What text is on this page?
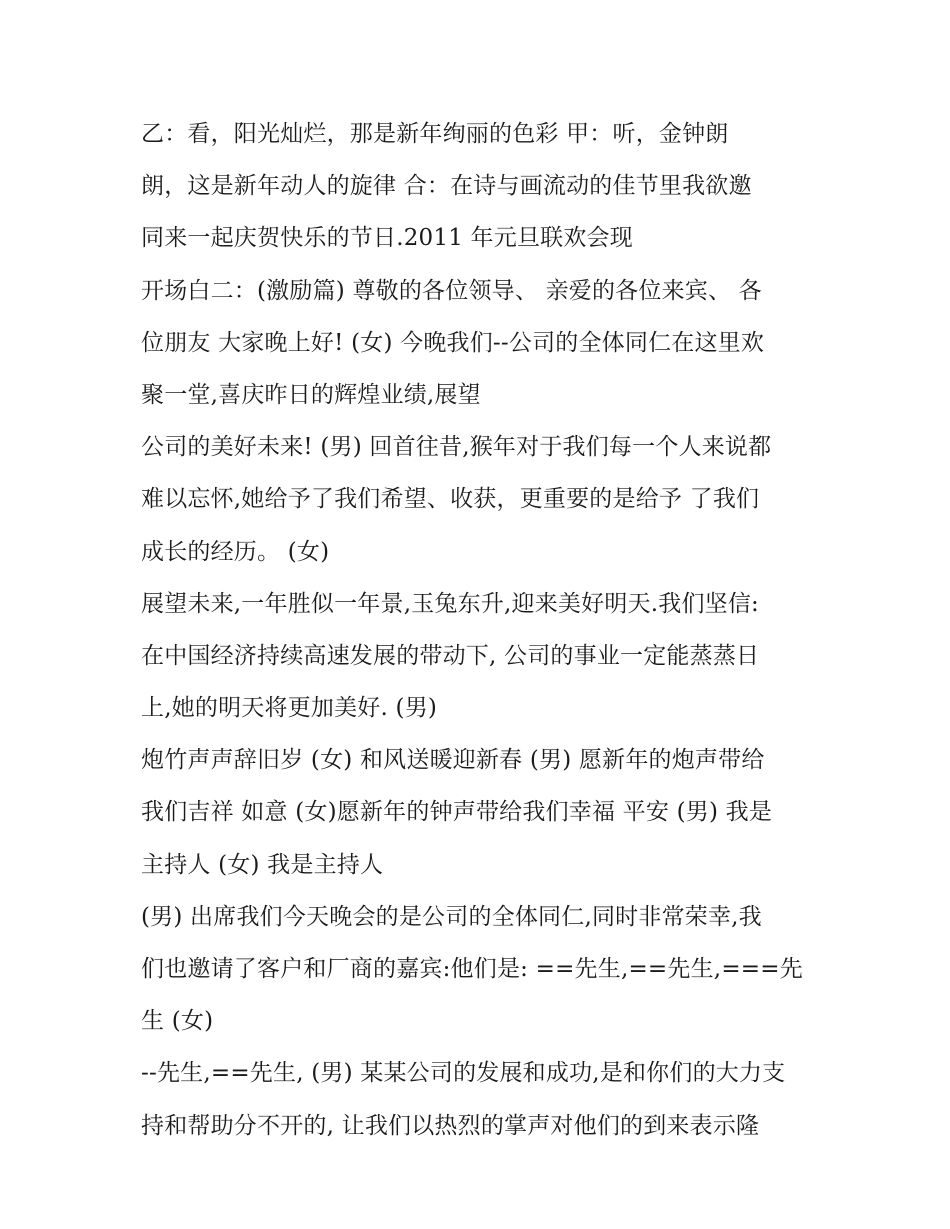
乙：看，阳光灿烂，那是新年绚丽的色彩 甲：听，金钟朗
朗，这是新年动人的旋律 合：在诗与画流动的佳节里我欲邀
同来一起庆贺快乐的节日.2011 年元旦联欢会现
开场白二：(激励篇) 尊敬的各位领导、 亲爱的各位来宾、 各
位朋友 大家晚上好! (女) 今晚我们--公司的全体同仁在这里欢
聚一堂,喜庆昨日的辉煌业绩,展望
公司的美好未来! (男) 回首往昔,猴年对于我们每一个人来说都
难以忘怀,她给予了我们希望、收获，更重要的是给予 了我们
成长的经历。 (女)
展望未来,一年胜似一年景,玉兔东升,迎来美好明天.我们坚信:
在中国经济持续高速发展的带动下, 公司的事业一定能蒸蒸日
上,她的明天将更加美好. (男)
炮竹声声辞旧岁 (女) 和风送暖迎新春 (男) 愿新年的炮声带给
我们吉祥 如意 (女)愿新年的钟声带给我们幸福 平安 (男) 我是
主持人 (女) 我是主持人
(男) 出席我们今天晚会的是公司的全体同仁,同时非常荣幸,我
们也邀请了客户和厂商的嘉宾:他们是: ==先生,==先生,===先
生 (女)
--先生,==先生, (男) 某某公司的发展和成功,是和你们的大力支
持和帮助分不开的, 让我们以热烈的掌声对他们的到来表示隆
